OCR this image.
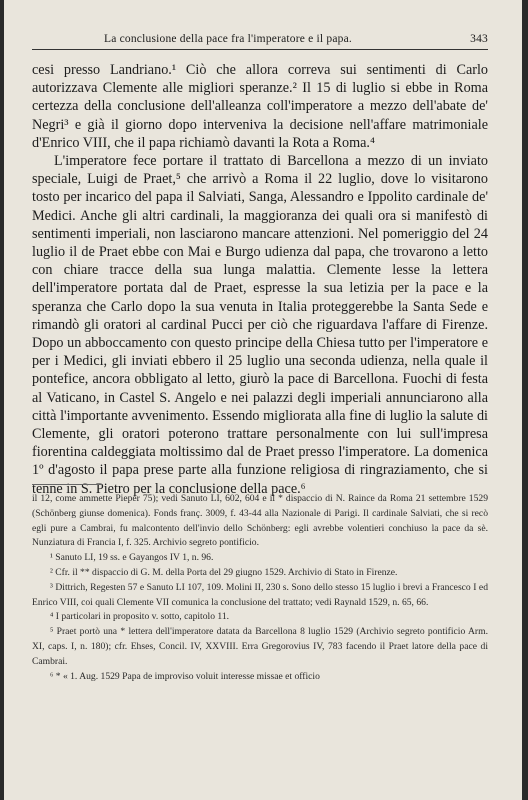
La conclusione della pace fra l'imperatore e il papa.	343

cesi presso Landriano.¹ Ciò che allora correva sui sentimenti di Carlo autorizzava Clemente alle migliori speranze.² Il 15 di luglio si ebbe in Roma certezza della conclusione dell'alleanza coll'imperatore a mezzo dell'abate de' Negri³ e già il giorno dopo interveniva la decisione nell'affare matrimoniale d'Enrico VIII, che il papa richiamò davanti la Rota a Roma.⁴

L'imperatore fece portare il trattato di Barcellona a mezzo di un inviato speciale, Luigi de Praet,⁵ che arrivò a Roma il 22 luglio, dove lo visitarono tosto per incarico del papa il Salviati, Sanga, Alessandro e Ippolito cardinale de' Medici. Anche gli altri cardinali, la maggioranza dei quali ora si manifestò di sentimenti imperiali, non lasciarono mancare attenzioni. Nel pomeriggio del 24 luglio il de Praet ebbe con Mai e Burgo udienza dal papa, che trovarono a letto con chiare tracce della sua lunga malattia. Clemente lesse la lettera dell'imperatore portata dal de Praet, espresse la sua letizia per la pace e la speranza che Carlo dopo la sua venuta in Italia proteggerebbe la Santa Sede e rimandò gli oratori al cardinal Pucci per ciò che riguardava l'affare di Firenze. Dopo un abboccamento con questo principe della Chiesa tutto per l'imperatore e per i Medici, gli inviati ebbero il 25 luglio una seconda udienza, nella quale il pontefice, ancora obbligato al letto, giurò la pace di Barcellona. Fuochi di festa al Vaticano, in Castel S. Angelo e nei palazzi degli imperiali annunciarono alla città l'importante avvenimento. Essendo migliorata alla fine di luglio la salute di Clemente, gli oratori poterono trattare personalmente con lui sull'impresa fiorentina caldeggiata moltissimo dal de Praet presso l'imperatore. La domenica 1º d'agosto il papa prese parte alla funzione religiosa di ringraziamento, che si tenne in S. Pietro per la conclusione della pace.⁶

il 12, come ammette Pieper 75); vedi Sanuto LI, 602, 604 e il * dispaccio di N. Raince da Roma 21 settembre 1529 (Schönberg giunse domenica). Fonds franç. 3009, f. 43-44 alla Nazionale di Parigi. Il cardinale Salviati, che si recò egli pure a Cambrai, fu malcontento dell'invio dello Schönberg: egli avrebbe volentieri conchiuso la pace da sè. Nunziatura di Francia I, f. 325. Archivio segreto pontificio.

¹ Sanuto LI, 19 ss. e Gayangos IV 1, n. 96.

² Cfr. il ** dispaccio di G. M. della Porta del 29 giugno 1529. Archivio di Stato in Firenze.

³ Dittrich, Regesten 57 e Sanuto LI 107, 109. Molini II, 230 s. Sono dello stesso 15 luglio i brevi a Francesco I ed Enrico VIII, coi quali Clemente VII comunica la conclusione del trattato; vedi Raynald 1529, n. 65, 66.

⁴ I particolari in proposito v. sotto, capitolo 11.

⁵ Praet portò una * lettera dell'imperatore datata da Barcellona 8 luglio 1529 (Archivio segreto pontificio Arm. XI, caps. I, n. 180); cfr. Ehses, Concil. IV, XXVIII. Erra Gregorovius IV, 783 facendo il Praet latore della pace di Cambrai.

⁶ * « 1. Aug. 1529 Papa de improviso voluit interesse missae et officio
